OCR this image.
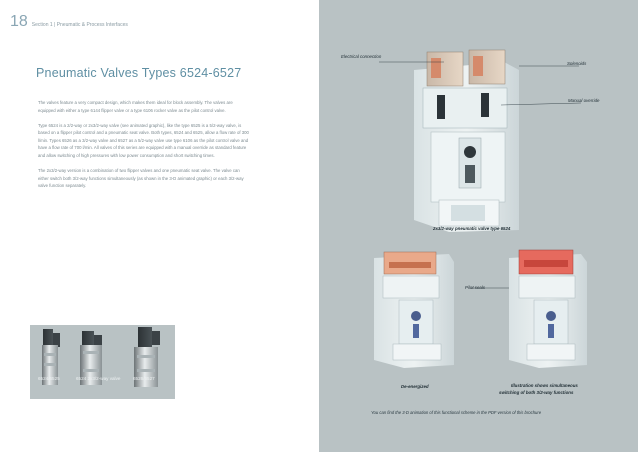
18 Section 1 | Pneumatic & Process Interfaces
Pneumatic Valves Types 6524-6527

The valves feature a very compact design, which makes them ideal for block assembly. The valves are equipped with either a type 6144 flipper valve or a type 6106 rocker valve as the pilot control valve.

Type 6524 is a 2/2-way or 2x3/2-way valve (see animated graphic), like the type 6525 is a 5/2-way valve, is based on a flipper pilot control and a pneumatic seat valve. Both types, 6524 and 6525, allow a flow rate of 300 l/min. Types 6526 as a 3/2-way valve and 6527 as a 5/2-way valve use type 6106 as the pilot control valve and have a flow rate of 700 l/min. All valves of this series are equipped with a manual override as standard feature and allow switching of high pressures with low power consumption and short switching times.

The 2x3/2-way version is a combination of two flipper valves and one pneumatic seat valve. The valve can either switch both 3/2-way functions simultaneously (as shown in the 3-D animated graphic) or each 3/2-way valve function separately.

6524/6525	6524 2x3/2-way valve	6526/6527
Electrical connection
Solenoids
Manual override
2x3/2-way pneumatic valve type 6524
Pilot seals
De-energized	Illustration shows simultaneous
switching of both 3/2-way functions
You can find the 3-D animation of this functional scheme in the PDF version of this brochure
